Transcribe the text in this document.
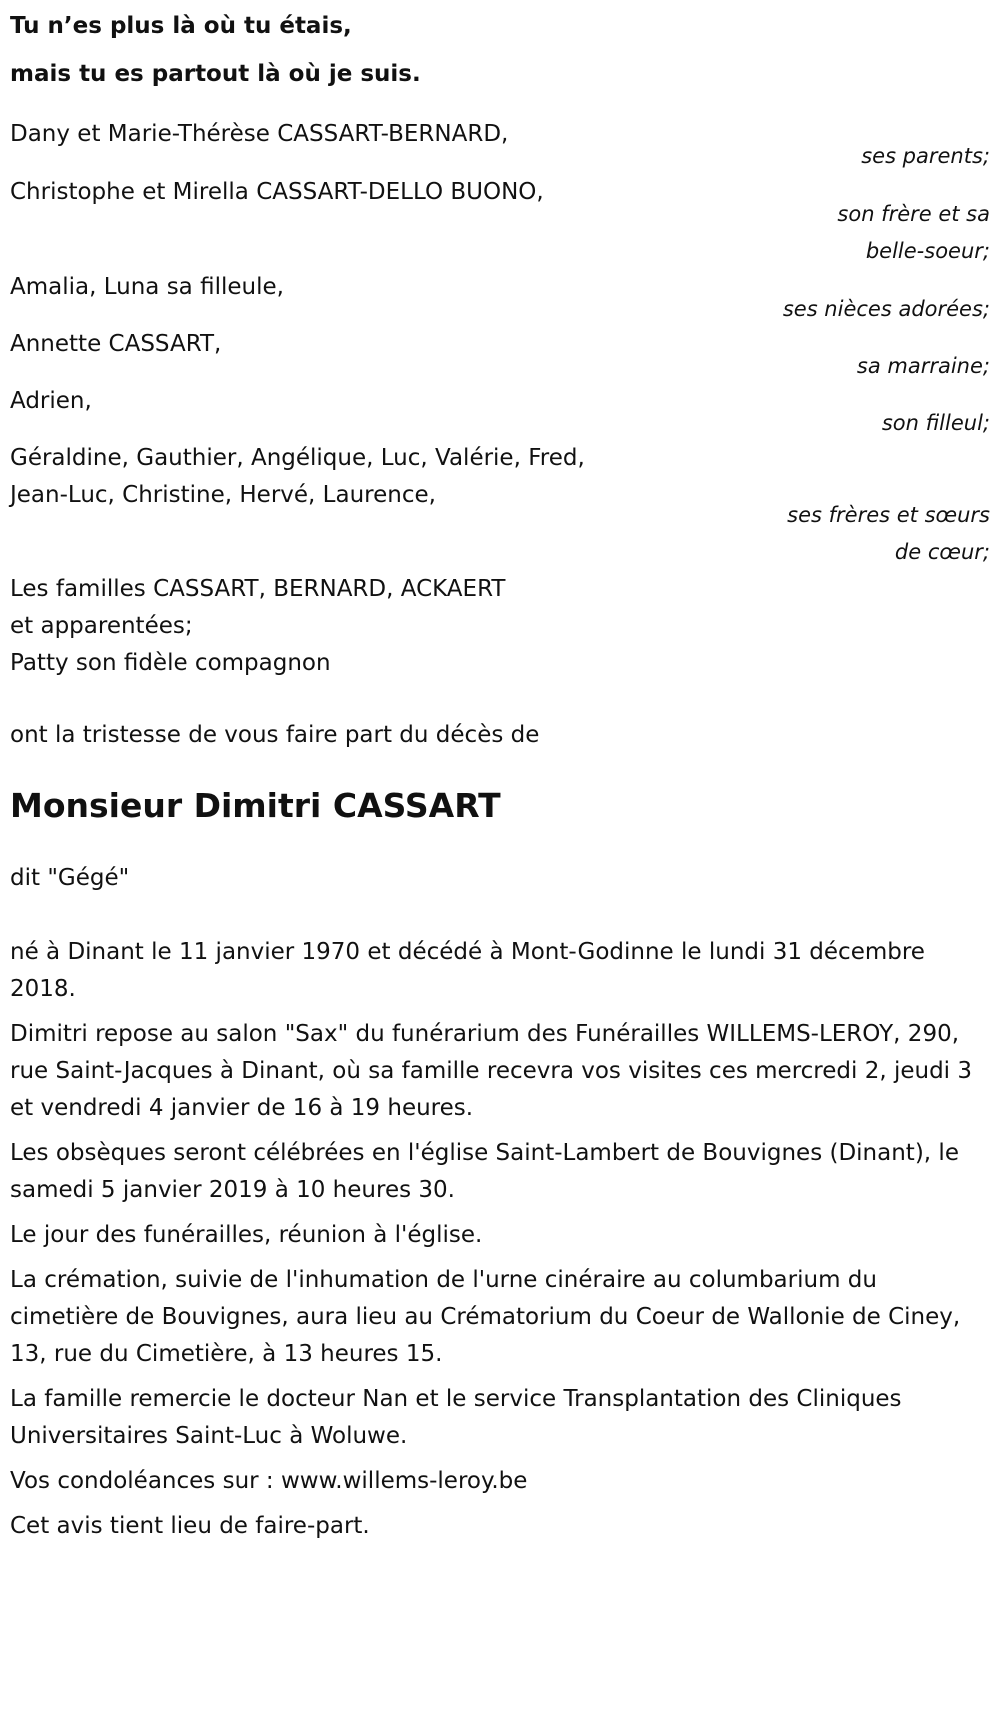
Tu n’es plus là où tu étais,
mais tu es partout là où je suis.
Dany et Marie-Thérèse CASSART-BERNARD,
ses parents;
Christophe et Mirella CASSART-DELLO BUONO,
son frère et sa
belle-soeur;
Amalia, Luna sa filleule,
ses nièces adorées;
Annette CASSART,
sa marraine;
Adrien,
son filleul;
Géraldine, Gauthier, Angélique, Luc, Valérie, Fred,
Jean-Luc, Christine, Hervé, Laurence,
ses frères et sœurs
de cœur;
Les familles CASSART, BERNARD, ACKAERT
et apparentées;
Patty son fidèle compagnon
ont la tristesse de vous faire part du décès de
Monsieur Dimitri CASSART
dit "Gégé"
né à Dinant le 11 janvier 1970 et décédé à Mont-Godinne le lundi 31 décembre 2018.
Dimitri repose au salon "Sax" du funérarium des Funérailles WILLEMS-LEROY, 290, rue Saint-Jacques à Dinant, où sa famille recevra vos visites ces mercredi 2, jeudi 3 et vendredi 4 janvier de 16 à 19 heures.
Les obsèques seront célébrées en l'église Saint-Lambert de Bouvignes (Dinant), le samedi 5 janvier 2019 à 10 heures 30.
Le jour des funérailles, réunion à l'église.
La crémation, suivie de l'inhumation de l'urne cinéraire au columbarium du cimetière de Bouvignes, aura lieu au Crématorium du Coeur de Wallonie de Ciney, 13, rue du Cimetière, à 13 heures 15.
La famille remercie le docteur Nan et le service Transplantation des Cliniques Universitaires Saint-Luc à Woluwe.
Vos condoléances sur : www.willems-leroy.be
Cet avis tient lieu de faire-part.
